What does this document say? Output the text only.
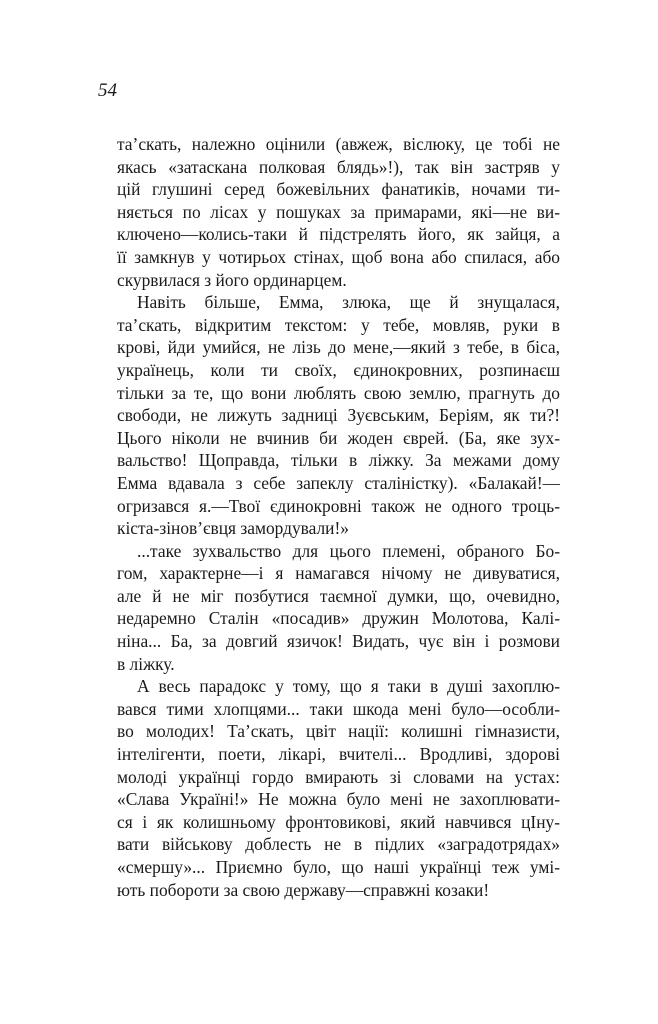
54
та’скать, належно оцінили (авжеж, віслюку, це тобі не
якась «затаскана полковая блядь»!), так він застряв у
цій глушині серед божевільних фанатиків, ночами ти-
няється по лісах у пошуках за примарами, які—не ви-
ключено—колись-таки й підстрелять його, як зайця, а
її замкнув у чотирьох стінах, щоб вона або спилася, або
скурвилася з його ординарцем.
Навіть більше, Емма, злюка, ще й знущалася,
та’скать, відкритим текстом: у тебе, мовляв, руки в
крові, йди умийся, не лізь до мене,—який з тебе, в біса,
українець, коли ти своїх, єдинокровних, розпинаєш
тільки за те, що вони люблять свою землю, прагнуть до
свободи, не лижуть задниці Зуєвським, Беріям, як ти?!
Цього ніколи не вчинив би жоден єврей. (Ба, яке зух-
вальство! Щоправда, тільки в ліжку. За межами дому
Емма вдавала з себе запеклу сталіністку). «Балакай!—
огризався я.—Твої єдинокровні також не одного троць-
кіста-зінов’євця замордували!»
...таке зухвальство для цього племені, обраного Бо-
гом, характерне—і я намагався нічому не дивуватися,
але й не міг позбутися таємної думки, що, очевидно,
недаремно Сталін «посадив» дружин Молотова, Калі-
ніна... Ба, за довгий язичок! Видать, чує він і розмови
в ліжку.
А весь парадокс у тому, що я таки в душі захоплю-
вався тими хлопцями... таки шкода мені було—особли-
во молодих! Та’скать, цвіт нації: колишні гімназисти,
інтелігенти, поети, лікарі, вчителі... Вродливі, здорові
молоді українці гордо вмирають зі словами на устах:
«Слава Україні!» Не можна було мені не захоплювати-
ся і як колишньому фронтовикові, який навчився цІну-
вати військову доблесть не в підлих «заградотрядах»
«смершу»... Приємно було, що наші українці теж умі-
ють побороти за свою державу—справжні козаки!
